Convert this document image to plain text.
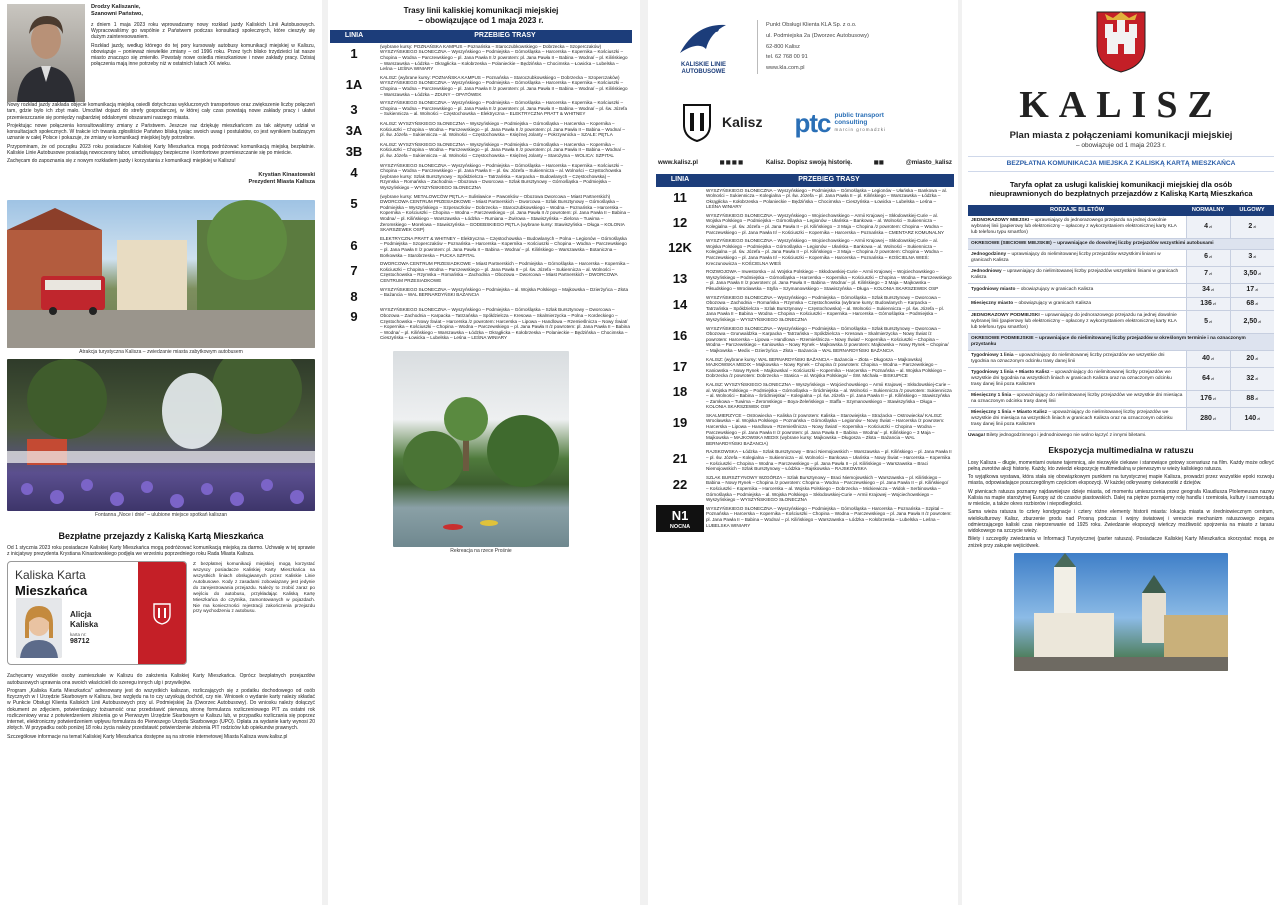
Drodzy Kaliszanie,
Szanowni Państwo,

z dniem 1 maja 2023 roku wprowadzamy nowy rozkład jazdy Kaliskich Linii Autobusowych. Wypracowaliśmy go wspólnie z Państwem podczas konsultacji społecznych, które cieszyły się dużym zainteresowaniem.

Rozkład jazdy, według którego do tej pory kursowały autobusy komunikacji miejskiej w Kaliszu, obowiązuje – ponieważ niewielkie zmiany – od 1996 roku. Przez tych blisko trzydzieści lat nasze miasto znacząco się zmieniło. Powstały nowe osiedla mieszkaniowe i nowe zakłady pracy. Dzisiaj połączenia mają inne potrzeby niż w ostatnich latach XX wieku.

Nowy rozkład jazdy zakłada objęcie komunikacją miejską osiedli dotychczas wykluczonych transportowo oraz zwiększenie liczby połączeń tam, gdzie było ich zbyt mało. Umożliwi dojazd do strefy gospodarczej, w której cały czas powstają nowe zakłady pracy i ułatwi przemieszczanie się pomiędzy najbardziej oddalonymi obszarami naszego miasta.

Projektując nowe połączenia konsultowaliśmy zmiany z Państwem. Jeszcze raz dziękuję mieszkańcom za tak aktywny udział w konsultacjach społecznych. W trakcie ich trwania zgłosiliście Państwo bliską tysiąc swoich uwag i postulatów, co jest wynikiem budzącym uznanie w całej Polsce i pokazuje, że zmiany w komunikacji miejskiej były potrzebne.

Przypominam, że od początku 2023 roku posiadacze Kaliskiej Karty Mieszkańca mogą podróżować komunikacją miejską bezpłatnie. Kaliskie Linie Autobusowe posiadają nowoczesny tabor, umożliwiający bezpieczne i komfortowe przemieszczanie się po mieście.

Zachęcam do zapoznania się z nowym rozkładem jazdy i korzystania z komunikacji miejskiej w Kaliszu!

Krystian Kinastowski
Prezydent Miasta Kalisza
Atrakcja turystyczna Kalisza – zwiedzanie miasta zabytkowym autobusem
Fontanna „Noce i dnie” – ulubione miejsce spotkań kaliszan
Bezpłatne przejazdy z Kaliską Kartą Mieszkańca

Od 1 stycznia 2023 roku posiadacze Kaliskiej Karty Mieszkańca mogą podróżować komunikacją miejską za darmo. Uchwałę w tej sprawie z inicjatywy prezydenta Krystiana Kinastowskiego podjęła we wrześniu poprzedniego roku Rada Miasta Kalisza.

Kaliska Karta
Mieszkańca
Alicja
Kaliska
karta nr:
98712
Z bezpłatnej komunikacji miejskiej mogą korzystać wszyscy posiadacze Kaliskiej Karty Mieszkańca na wszystkich liniach obsługiwanych przez Kaliskie Linie Autobusowe. Kody z zasadami zobowiązany jest jedynie do zarejestrowania przejazdu. Należy to zrobić zaraz po wejściu do autobusu, przykładając Kaliską Kartę Mieszkańca do czytnika, zamontowanych w pojazdach. Nie ma konieczności rejestracji zakończenia przejazdu przy wychodzeniu z autobusu.

Zachęcamy wszystkie osoby zamieszkałe w Kaliszu do założenia Kaliskiej Karty Mieszkańca. Oprócz bezpłatnych przejazdów autobusowych uprawnia ona swoich właścicieli do szeregu innych ulg i przywilejów.

Program „Kaliska Karta Mieszkańca” adresowany jest do wszystkich kaliszan, rozliczających się z podatku dochodowego od osób fizycznych w I Urzędzie Skarbowym w Kaliszu, bez względu na to czy uzyskują dochód, czy nie. Wniosek o wydanie karty należy składać w Punkcie Obsługi Klienta Kaliskich Linii Autobusowych przy ul. Podmiejskiej 2a (Dworzec Autobusowy). Do wniosku należy dołączyć dokument ze zdjęciem, potwierdzający tożsamość oraz przedstawić pierwszą stronę formularza rozliczeniowego PIT za ostatni rok rozliczeniowy wraz z potwierdzeniem złożenia go w Pierwszym Urzędzie Skarbowym w Kaliszu lub, w przypadku rozliczania się poprzez internet, elektroniczny potwierdzeniem wpływu formularza do Pierwszego Urzędu Skarbowego (UPO). Opłata za wydanie karty wynosi 20 złotych. W przypadku osób poniżej 18 roku życia należy przedstawić potwierdzenie złożenia PIT rodziców lub opiekunów prawnych.

Szczegółowe informacje na temat Kaliskiej Karty Mieszkańca dostępne są na stronie internetowej Miasta Kalisza www.kalisz.pl

Trasy linii kaliskiej komunikacji miejskiej
– obowiązujące od 1 maja 2023 r.
LINIA	PRZEBIEG TRASY

1	(wybrane kursy: POZNAŃSKA KAMPUS – Poznańska – Staroczubkowskiego – Dobrzecka – Szoperczaków) WYSZYŃSKIEGO SŁONECZNA – Wyszyńskiego – Podmiejska – Górnośląska – Harcerska – Kopernika – Kościuszki – Chopina – Wodna – Parczewskiego – pl. Jana Pawła II /z powrotem: pl. Jana Pawła II – Babina – Wodna/ – pl. Kilińskiego – Warszawska – Łódzka – Okrągłicka – Kołobrzeska – Polanieckie – Będzińska – Chocimska – Łowicka – Lubelska – Leśna – LEŚNA WINIARY

1A	KALISZ: (wybrane kursy: POZNAŃSKA KAMPUS – Poznańska – Staroczubkowskiego – Dobrzecka – Szoperczaków) WYSZYŃSKIEGO SŁONECZNA – Wyszyńskiego – Podmiejska – Górnośląska – Harcerska – Kopernika – Kościuszki – Chopina – Wodna – Parczewskiego – pl. Jana Pawła II /z powrotem: pl. Jana Pawła II – Babina – Wodna/ – pl. Kilińskiego – Warszawska – Łódzka – ZDUNY – OPATÓWEK

3	WYSZYŃSKIEGO SŁONECZNA – Wyszyńskiego – Podmiejska – Górnośląska – Harcerska – Kopernika – Kościuszki – Chopina – Wodna – Parczewskiego – pl. Jana Pawła II /z powrotem: pl. Jana Pawła II – Babina – Wodna/ – pl. św. Józefa – Sukiennicza – al. Wolności – Częstochowska – Elektryczna – ELEKTRYCZNA PRATT & WHITNEY

3A	KALISZ: WYSZYŃSKIEGO SŁONECZNA – Wyszyńskiego – Podmiejska – Górnośląska – Harcerska – Kopernika – Kościuszki – Chopina – Wodna – Parczewskiego – pl. Jana Pawła II /z powrotem: pl. Jana Pawła II – Babina – Wodna/ – pl. św. Józefa – Sukiennicza – al. Wolności – Częstochowska – Księżnej Jolanty – Pokrzywnicka – SZALE: PĘTLA

3B	KALISZ: WYSZYŃSKIEGO SŁONECZNA – Wyszyńskiego – Podmiejska – Górnośląska – Harcerska – Kopernika – Kościuszki – Chopina – Wodna – Parczewskiego – pl. Jana Pawła II /z powrotem: pl. Jana Pawła II – Babina – Wodna/ – pl. św. Józefa – Sukiennicza – al. Wolności – Częstochowska – Księżnej Jolanty – Starożytna – WOLICA: SZPITAL

4	WYSZYŃSKIEGO SŁONECZNA – Wyszyńskiego – Podmiejska – Górnośląska – Harcerska – Kopernika – Kościuszki – Chopina – Wodna – Parczewskiego – pl. Jana Pawła II – pl. św. Józefa – Sukiennicza – al. Wolności – Częstochowska (wybrane kursy: Szlak Bursztynowy – Spółdzielcza – Tatrzańska – Karpacka – Budowlanych – Częstochowska) – Rzymska – Romańska – Zachodnia – Obozowa – Dworcowa – Szlak Bursztynowy – Górnośląska – Podmiejska – Wyszyńskiego – WYSZYŃSKIEGO SŁONECZNA

5	(wybrane kursy: METALOWCÓW PĘTLA – Sulisławice – Pawonków – Obozowa Dworcowa – Miast Partnerskich) DWORCOWA CENTRUM PRZESIADKOWE – Miast Partnerskich – Dworcowa – Szlak Bursztynowy – Górnośląska – Podmiejska – Wyszyńskiego – Szperaczków – Dobrzecka – Staroczubkowskiego – Wodna – Poznańska – Harcerska – Kopernika – Kościuszki – Chopina – Wodna – Parczewskiego – pl. Jana Pawła II /z powrotem: pl. Jana Pawła II – Babina – Wodna/ – pl. Kilińskiego – Warszawska – Łódzka – Rumiana – Żwirowa – Stawiszyńska – Zielona – Tuwima – Żeromskiego – Morelowa – Stawiszyńska – GODEBSKIEGO PĘTLA (wybrane kursy: Stawiszyńska – Długa – KOLONIA SKARSZEWEK OSP)

6	ELEKTRYCZNA PRATT & WHITNEY – Elektryczna – Częstochowska – Budowlanych – Polna – Legionów – Górnośląska – Podmiejska – Szoperczaków – Poznańska – Harcerska – Kopernika – Kościuszki – Chopina – Wodna – Parczewskiego – pl. Jana Pawła II /z powrotem: pl. Jana Pawła II – Babina – Wodna/ – pl. Kilińskiego – Warszawska – Botaniczna – Borkowska – Starobrzeska – PUCKA SZPITAL

7	DWORCOWA CENTRUM PRZESIADKOWE – Miast Partnerskich – Podmiejska – Górnośląska – Harcerska – Kopernika – Kościuszki – Chopina – Wodna – Parczewskiego – pl. Jana Pawła II – pl. św. Józefa – Sukiennicza – al. Wolności – Częstochowska – Rzymska – Romańska – Zachodnia – Obozowa – Dworcowa – Miast Partnerskich – DWORCOWA CENTRUM PRZESIADKOWE

8	WYSZYŃSKIEGO SŁONECZNA – Wyszyńskiego – Podmiejska – al. Wojska Polskiego – Majkowska – Dzierżyńca – Złota – Bażancia – WAL BERNARDYŃSKI BAŻANCIA

9	WYSZYŃSKIEGO SŁONECZNA – Wyszyńskiego – Podmiejska – Górnośląska – Szlak Bursztynowy – Dworcowa – Obozowa – Zachodnia – Karpacka – Tatrzańska – Spółdzielcza – Kresowa – Skalmierzycka – Polna – Kordeckiego – Częstochowska – Nowy Świat – Harcerska /z powrotem: Harcerska – Lipowa – Handlowa – Rzemieślnicza – Nowy Świat/ – Kopernika – Kościuszki – Chopina – Wodna – Parczewskiego – pl. Jana Pawła II /z powrotem: pl. Jana Pawła II – Babina – Wodna/ – pl. Kilińskiego – Warszawska – Łódzka – Okrągłicka – Kołobrzeska – Polanieckie – Będzińska – Chocimska – Cieszyńska – Łowicka – Lubelska – Leśna – LEŚNA WINIARY
Rekreacja na rzece Prośnie
KALISKIE LINIE AUTOBUSOWE
Punkt Obsługi Klienta KLA Sp. z o.o.
ul. Podmiejska 2a (Dworzec Autobusowy)
62-800 Kalisz
tel. 62 768 00 91
www.kla.com.pl
Kalisz ptc public transport consulting
marcin gromadzki
www.kalisz.pl	◼◼◼◼	Kalisz. Dopisz swoją historię.	◼◼	@miasto_kalisz
LINIA	PRZEBIEG TRASY

11	WYSZYŃSKIEGO SŁONECZNA – Wyszyńskiego – Podmiejska – Górnośląska – Legionów – Ułańska – Bankowa – al. Wolności – Sukiennicza – Kolegialna – pl. św. Józefa – pl. Jana Pawła II – pl. Kilińskiego – Warszawska – Łódzka – Okrągłicka – Kołobrzeska – Polanieckie – Będzińska – Chocimska – Cieszyńska – Łowicka – Lubelska – Leśna – LEŚNA WINIARY

12	WYSZYŃSKIEGO SŁONECZNA – Wyszyńskiego – Wojciechowskiego – Armii Krajowej – Skłodowskiej-Curie – al. Wojska Polskiego – Podmiejska – Górnośląska – Legionów – Ułańska – Bankowa – al. Wolności – Sukiennicza – Kolegialna – pl. św. Józefa – pl. Jana Pawła II – pl. Kilińskiego – 3 Maja – Chopina /z powrotem: Chopina – Wodna – Parczewskiego – pl. Jana Pawła II/ – Kościuszki – Kopernika – Harcerska – Poznańska – CMENTARZ KOMUNALNY

12K	WYSZYŃSKIEGO SŁONECZNA – Wyszyńskiego – Wojciechowskiego – Armii Krajowej – Skłodowskiej-Curie – al. Wojska Polskiego – Podmiejska – Górnośląska – Legionów – Ułańska – Bankowa – al. Wolności – Sukiennicza – Kolegialna – pl. św. Józefa – pl. Jana Pawła II – pl. Kilińskiego – 3 Maja – Chopina /z powrotem: Chopina – Wodna – Parczewskiego – pl. Jana Pawła II/ – Kościuszki – Kopernika – Harcerska – Poznańska – KOŚCIELNA WIEŚ: Kreczunowicza – KOŚCIELNA WIEŚ

13	ROZWOJOWA – Inwestorska – al. Wojska Polskiego – Skłodowskiej-Curie – Armii Krajowej – Wojciechowskiego – Wyszyńskiego – Podmiejska – Górnośląska – Harcerska – Kopernika – Kościuszki – Chopina – Wodna – Parczewskiego – pl. Jana Pawła II /z powrotem: pl. Jana Pawła II – Babina – Wodna/ – pl. Kilińskiego – 3 Maja – Majkowska – Piłsudskiego – Wrocławska – Stylla – Szymanowskiego – Stawiszyńska – Długa – KOLONIA SKARSZEWEK OSP

14	WYSZYŃSKIEGO SŁONECZNA – Wyszyńskiego – Podmiejska – Górnośląska – Szlak Bursztynowy – Dworcowa – Obozowa – Zachodnia – Romańska – Rzymska – Częstochowska (wybrane kursy: Budowlanych – Karpacka – Tatrzańska – Spółdzielcza – Szlak Bursztynowy – Częstochowska) – al. Wolności – Sukiennicza – pl. św. Józefa – pl. Jana Pawła II – Babina – Wodna – Chopina – Kościuszki – Kopernika – Harcerska – Górnośląska – Podmiejska – Wyszyńskiego – WYSZYŃSKIEGO SŁONECZNA

16	WYSZYŃSKIEGO SŁONECZNA – Wyszyńskiego – Podmiejska – Górnośląska – Szlak Bursztynowy – Dworcowa – Obozowa – Grunwaldzka – Karpacka – Tatrzańska – Spółdzielcza – Kresowa – Skalmierzycka – Nowy Świat /z powrotem: Harcerska – Lipowa – Handlowa – Rzemieślnicza – Nowy Świat/ – Kopernika – Kościuszki – Chopina – Wodna – Parczewskiego – Kaniowska – Nowy Rynek – Majkowska /z powrotem: Majkowska – Nowy Rynek – Chopina/ – Majkowska – Medix – Dzierżyńca – Złota – Bażancia – WAL BERNARDYŃSKI BAŻANCIA

17	KALISZ: (wybrane kursy: WAL BERNARDYŃSKI BAŻANCIA – Bażancia – Złota – Długosza – Majkowska) MAJKOWSKA MEDIX – Majkowska – Nowy Rynek – Chopina /z powrotem: Chopina – Wodna – Parczewskiego – Kaniowska – Nowy Rynek – Majkowska/ – Kościuszki – Kopernika – Harcerska – Poznańska – al. Wojska Polskiego – Dobrzecka /z powrotem: Dobrzecka – Stasica – al. Wojska Polskiego/ – ŚW. Michała – BISKUPICE

18	KALISZ: WYSZYŃSKIEGO SŁONECZNA – Wyszyńskiego – Wojciechowskiego – Armii Krajowej – Skłodowskiej-Curie – al. Wojska Polskiego – Podmiejska – Górnośląska – Śródmiejska – al. Wolności – Sukiennicza /z powrotem: Sukiennicza – al. Wolności – Babina – Śródmiejska/ – Kolegialna – pl. św. Józefa – pl. Jana Pawła II – pl. Kilińskiego – Stawiszyńska – Zamkowa – Tuwima – Żeromskiego – Boya-Żeleńskiego – Staffa – Szymanowskiego – Stawiszyńska – Długa – KOLONIA SKARSZEWEK OSP

19	SKALMIERZYCE – Ostrowiecka – Kaliska /z powrotem: Kaliska – Starowiejska – Strażacka – Ostrowiecka/ KALISZ: Wrocławska – al. Wojska Polskiego – Poznańska – Górnośląska – Legionów – Nowy Świat – Harcerska /z powrotem: Harcerska – Lipowa – Handlowa – Rzemieślnicza – Nowy Świat/ – Kopernika – Kościuszki – Chopina – Wodna – Parczewskiego – pl. Jana Pawła II /z powrotem: pl. Jana Pawła II – Babina – Wodna/ – pl. Kilińskiego – 3 Maja – Majkowska – MAJKOWSKA MEDIX (wybrane kursy: Majkowska – Długosza – Złota – Bażancia – WAL BERNARDYŃSKI BAŻANCIA)

21	RAJSKOWSKA – Łódzka – Szlak Bursztynowy – Braci Niemojowskich – Warszawska – pl. Kilińskiego – pl. Jana Pawła II – pl. św. Józefa – Kolegialna – Sukiennicza – al. Wolności – Bankowa – Ułańska – Nowy Świat – Harcerska – Kopernika – Kościuszki – Chopina – Wodna – Parczewskiego – pl. Jana Pawła II – pl. Kilińskiego – Warszawska – Braci Niemojowskich – Szlak Bursztynowy – Łódzka – Rajskowska – RAJSKOWSKA

22	SZLAK BURSZTYNOWY WZGÓRZA – Szlak Bursztynowy – Braci Niemojowskich – Warszawska – pl. Kilińskiego – Babina – Nowy Rynek – Chopina /z powrotem: Chopina – Wodna – Parczewskiego – pl. Jana Pawła II – pl. Kilińskiego/ – Kościuszki – Kopernika – Harcerska – al. Wojska Polskiego – Dobrzecka – Mickiewicza – Widok – Serbinowska – Górnośląska – Podmiejska – al. Wojska Polskiego – Skłodowskiej-Curie – Armii Krajowej – Wojciechowskiego – Wyszyńskiego – WYSZYŃSKIEGO SŁONECZNA

N1
NOCNA	WYSZYŃSKIEGO SŁONECZNA – Wyszyńskiego – Podmiejska – Górnośląska – Harcerska – Poznańska – Szpital – Poznańska – Harcerska – Kopernika – Kościuszki – Chopina – Wodna – Parczewskiego – pl. Jana Pawła II /z powrotem: pl. Jana Pawła II – Babina – Wodna/ – pl. Kilińskiego – Warszawska – Łódzka – Kołobrzeska – Lubelska – Leśna – LUBELSKA WINIARY
KALISZ
Plan miasta z połączeniami komunikacji miejskiej
– obowiązuje od 1 maja 2023 r.
BEZPŁATNA KOMUNIKACJA MIEJSKA Z KALISKĄ KARTĄ MIESZKAŃCA
Taryfa opłat za usługi kaliskiej komunikacji miejskiej dla osób nieuprawnionych do bezpłatnych przejazdów z Kaliską Kartą Mieszkańca
RODZAJE BILETÓW	NORMALNY	ULGOWY
JEDNORAZOWY MIEJSKI – uprawniający do jednorazowego przejazdu na jednej dowolnie wybranej linii (papierowy lub elektroniczny – opłacony z wykorzystaniem elektronicznej karty KLA lub telefonu typu smartfon)	4zł	2zł
OKRESOWE (SIECIOWE MIEJSKIE) – uprawniające do dowolnej liczby przejazdów wszystkimi autobusami		
Jednogodzinny – uprawniający do nielimitowanej liczby przejazdów wszystkimi liniami w granicach Kalisza	6zł	3zł
Jednodniowy – uprawniający do nielimitowanej liczby przejazdów wszystkimi liniami w granicach Kalisza	7zł	3,50zł
Tygodniowy miasto – obowiązujący w granicach Kalisza	34zł	17zł
Miesięczny miasto – obowiązujący w granicach Kalisza	136zł	68zł
JEDNORAZOWY PODMIEJSKI – uprawniający do jednorazowego przejazdu na jednej dowolnie wybranej linii (papierowy lub elektroniczny – opłacony z wykorzystaniem elektronicznej karty KLA lub telefonu typu smartfon)	5zł	2,50zł
OKRESOWE PODMIEJSKIE – uprawniające do nielimitowanej liczby przejazdów w określonym terminie i na oznaczonym przystanku		
Tygodniowy 1 linia – upoważniający do nielimitowanej liczby przejazdów we wszystkie dni tygodnia na oznaczonym odcinku trasy danej linii	40zł	20zł
Tygodniowy 1 linia + Miasto Kalisz – upoważniający do nielimitowanej liczby przejazdów we wszystkie dni tygodnia na wszystkich liniach w granicach Kalisza oraz na oznaczonym odcinku trasy danej linii poza Kaliszem	64zł	32zł
Miesięczny 1 linia – upoważniający do nielimitowanej liczby przejazdów we wszystkie dni miesiąca na oznaczonym odcinku trasy danej linii	176zł	88zł
Miesięczny 1 linia + Miasto Kalisz – upoważniający do nielimitowanej liczby przejazdów we wszystkie dni miesiąca na wszystkich liniach w granicach Kalisza oraz na oznaczonym odcinku trasy danej linii poza Kaliszem	280zł	140zł
Uwaga! Bilety jednogodzinnego i jednodniowego nie wolno łączyć z innymi biletami.
Ekspozycja multimedialna w ratuszu

Losy Kalisza – długie, momentami owiane tajemnicą, ale niezwykle ciekawe i stanowiące gotowy scenariusz na film. Każdy może odkryć pełną zwrotów akcji historię. Każdy, kto zwiedzi ekspozycję multimedialną w pierwszym w wieży kaliskiego ratusza.

To wyjątkowa wystawa, która stała się obowiązkowym punktem na turystycznej mapie Kalisza, prowadzi przez wszystkie epoki rozwoju miasta, odpowiadające poszczególnym częściom ekspozycji. W każdej odkrywamy ciekawostki z dziejów.

W piwnicach ratusza poznamy najdawniejsze dzieje miasta, od momentu umieszczenia przez geografa Klaudiusza Ptolemeusza nazwy Kalisia na mapie starożytnej Europy aż do czasów piastowskich. Dalej na piętrze poznajemy rolę handlu i rzemiosła, kultury i samorządu w mieście, a także okres rozbiorów i niepodległości.

Sama wieża ratusza to cztery kondygnacje i cztery różne elementy historii miasta: lokacja miasta w średniowiecznym centrum, wielokulturowy Kalisz, zburzenie grodu nad Prosną podczas I wojny światowej i wreszcie mechanizm ratuszowego zegara odmierzającego kaliski czas nieprzerwanie od 1925 roku. Zwiedzanie ekspozycji wieńczy możliwość spojrzenia na miasto z tarasu widokowego na szczycie wieży.

Bilety i szczegóły zwiedzania w Informacji Turystycznej (parter ratusza). Posiadacze Kaliskiej Karty Mieszkańca skorzystać mogą ze zniżek przy zakupie wejściówek.
